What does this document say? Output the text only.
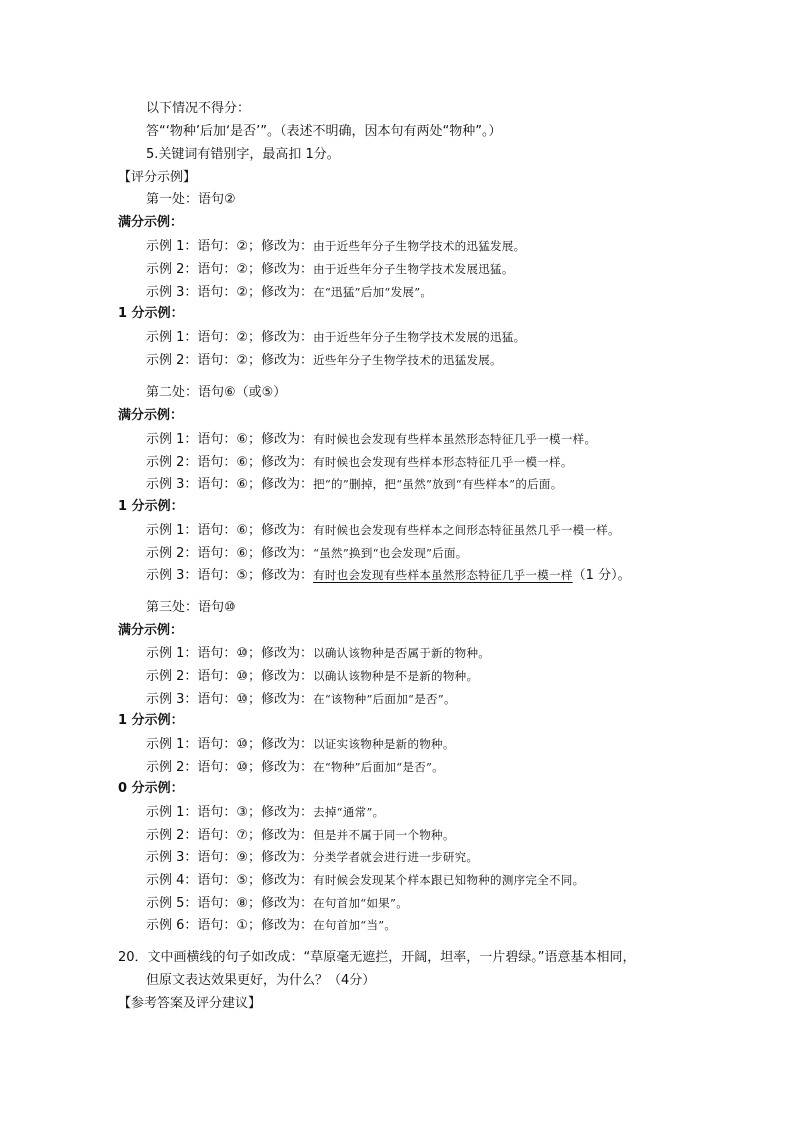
以下情况不得分：
答“‘物种’后加‘是否’”。（表述不明确，因本句有两处“物种”。）
5.关键词有错别字，最高扣 1分。
【评分示例】
第一处：语句②
满分示例：
示例 1：语句：②；修改为：由于近些年分子生物学技术的迅猛发展。
示例 2：语句：②；修改为：由于近些年分子生物学技术发展迅猛。
示例 3：语句：②；修改为：在“迅猛”后加“发展”。
1 分示例：
示例 1：语句：②；修改为：由于近些年分子生物学技术发展的迅猛。
示例 2：语句：②；修改为：近些年分子生物学技术的迅猛发展。
第二处：语句⑥（或⑤）
满分示例：
示例 1：语句：⑥；修改为：有时候也会发现有些样本虽然形态特征几乎一模一样。
示例 2：语句：⑥；修改为：有时候也会发现有些样本形态特征几乎一模一样。
示例 3：语句：⑥；修改为：把“的”删掉，把“虽然”放到“有些样本”的后面。
1 分示例：
示例 1：语句：⑥；修改为：有时候也会发现有些样本之间形态特征虽然几乎一模一样。
示例 2：语句：⑥；修改为：“虽然”换到“也会发现”后面。
示例 3：语句：⑤；修改为：有时也会发现有些样本虽然形态特征几乎一模一样（1 分）。
第三处：语句⑩
满分示例：
示例 1：语句：⑩；修改为：以确认该物种是否属于新的物种。
示例 2：语句：⑩；修改为：以确认该物种是不是新的物种。
示例 3：语句：⑩；修改为：在“该物种”后面加“是否”。
1 分示例：
示例 1：语句：⑩；修改为：以证实该物种是新的物种。
示例 2：语句：⑩；修改为：在“物种”后面加“是否”。
0 分示例：
示例 1：语句：③；修改为：去掉“通常”。
示例 2：语句：⑦；修改为：但是并不属于同一个物种。
示例 3：语句：⑨；修改为：分类学者就会进行进一步研究。
示例 4：语句：⑤；修改为：有时候会发现某个样本跟已知物种的测序完全不同。
示例 5：语句：⑧；修改为：在句首加“如果”。
示例 6：语句：①；修改为：在句首加“当”。
20．文中画横线的句子如改成：“草原毫无遮拦，开阔，坦率，一片碧绿。”语意基本相同，
但原文表达效果更好，为什么？（4分）
【参考答案及评分建议】
